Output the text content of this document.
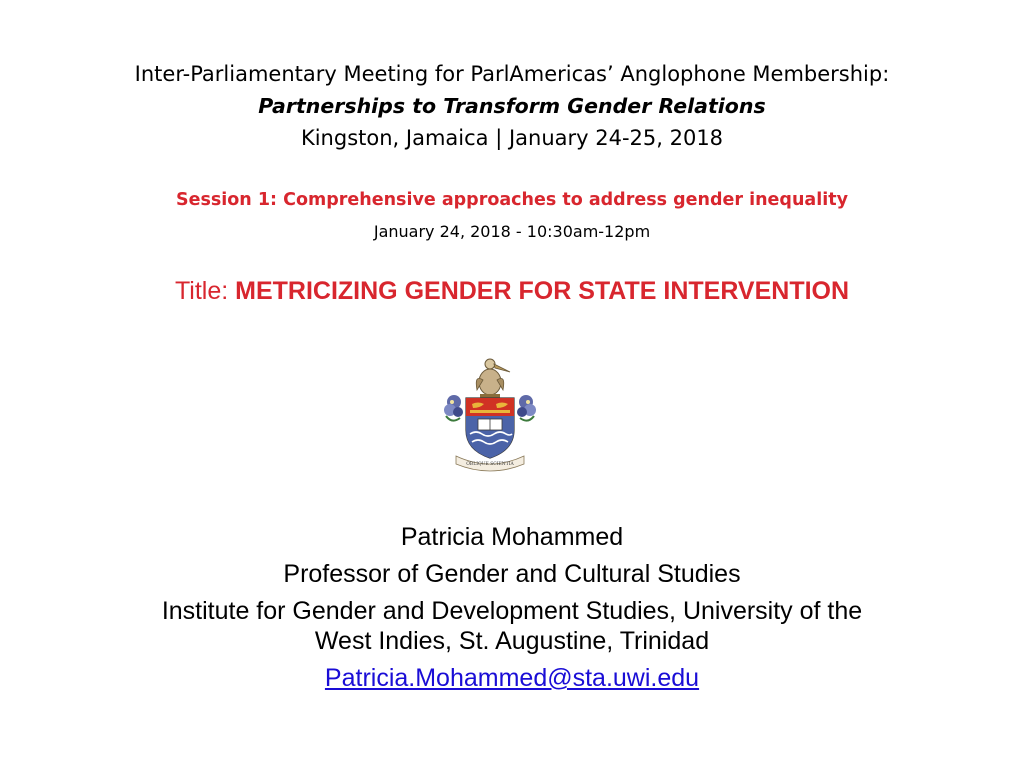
Inter-Parliamentary Meeting for ParlAmericas’ Anglophone Membership:
Partnerships to Transform Gender Relations
Kingston, Jamaica | January 24-25, 2018
Session 1: Comprehensive approaches to address gender inequality
January 24, 2018 - 10:30am-12pm
Title: METRICIZING GENDER FOR STATE INTERVENTION
OBLIQUE SCIENTIA
Patricia Mohammed
Professor of Gender and Cultural Studies
Institute for Gender and Development Studies, University of the
West Indies, St. Augustine, Trinidad
Patricia.Mohammed@sta.uwi.edu
